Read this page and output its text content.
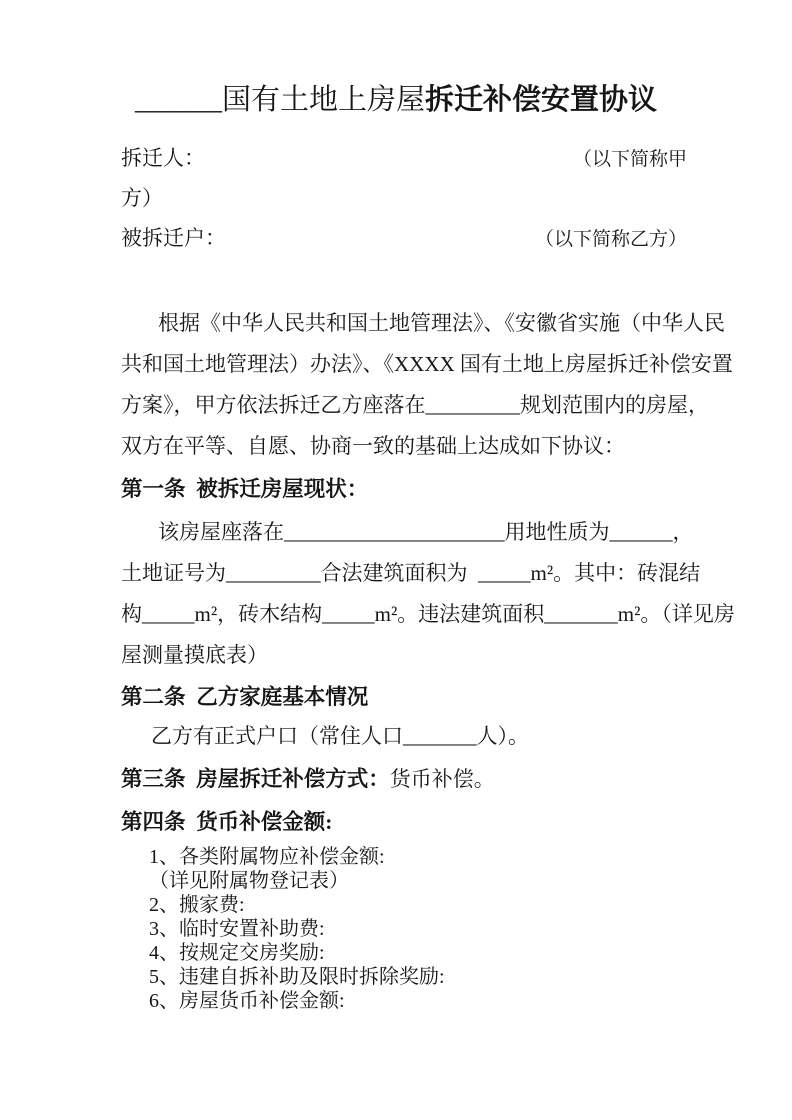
______国有土地上房屋拆迁补偿安置协议
拆迁人：	（以下简称甲
方）
被拆迁户：	（以下简称乙方）
根据《中华人民共和国土地管理法》、《安徽省实施（中华人民
共和国土地管理法）办法》、《XXXX 国有土地上房屋拆迁补偿安置
方案》，甲方依法拆迁乙方座落在_________规划范围内的房屋，
双方在平等、自愿、协商一致的基础上达成如下协议：
第一条  被拆迁房屋现状：
该房屋座落在_____________________用地性质为______，
土地证号为_________合法建筑面积为  _____m²。其中：砖混结
构_____m²，砖木结构_____m²。违法建筑面积_______m²。（详见房
屋测量摸底表）
第二条  乙方家庭基本情况
乙方有正式户口（常住人口_______人）。
第三条  房屋拆迁补偿方式：货币补偿。
第四条  货币补偿金额:
1、各类附属物应补偿金额:
（详见附属物登记表）
2、搬家费:
3、临时安置补助费:
4、按规定交房奖励:
5、违建自拆补助及限时拆除奖励:
6、房屋货币补偿金额:
